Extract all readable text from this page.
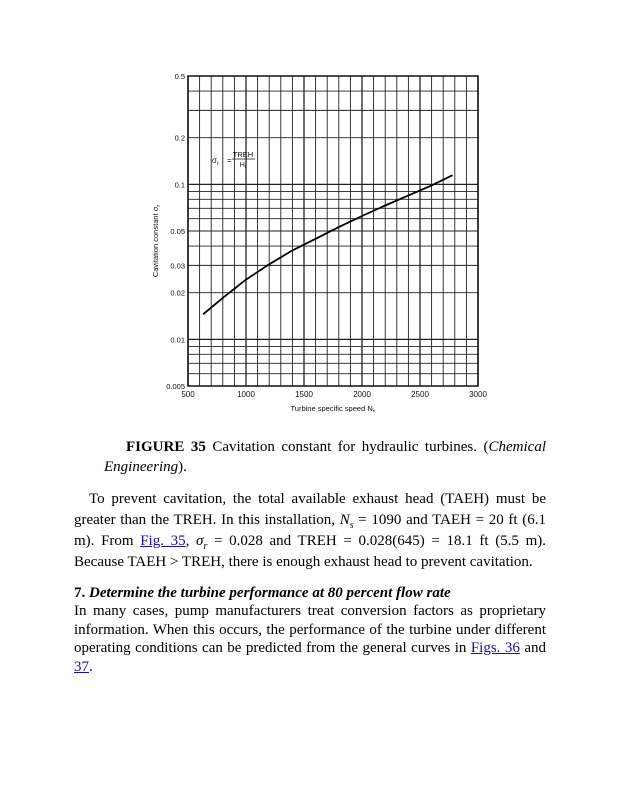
500	1000	1500	2000	2500	3000
0.5
0.2
0.1
0.05
0.03
0.02
0.01
0.005
Turbine specific speed $N_s$
Cavitation constant $\sigma_r$
$\sigma_r$ =
TREH
$H_t$
FIGURE 35 Cavitation constant for hydraulic turbines. (Chemical Engineering).

To prevent cavitation, the total available exhaust head (TAEH) must be greater than the TREH. In this installation, $N_s = 1090$ and TAEH = 20 ft (6.1 m). From Fig. 35, $\sigma_r = 0.028$ and TREH = 0.028(645) = 18.1 ft (5.5 m). Because TAEH > TREH, there is enough exhaust head to prevent cavitation.

7. Determine the turbine performance at 80 percent flow rate

In many cases, pump manufacturers treat conversion factors as proprietary information. When this occurs, the performance of the turbine under different operating conditions can be predicted from the general curves in Figs. 36 and 37.
